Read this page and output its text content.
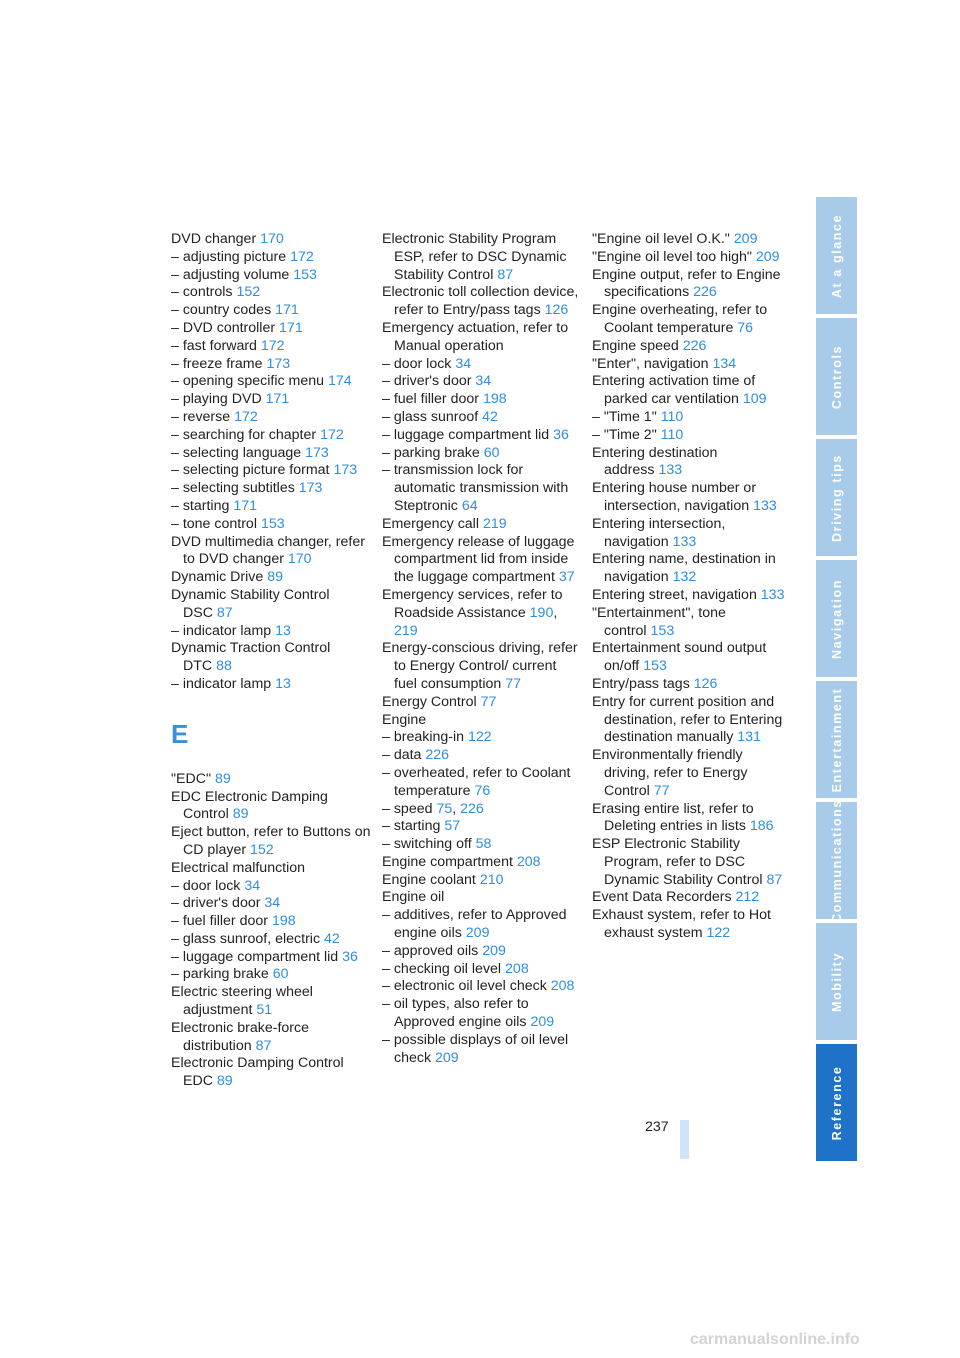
DVD changer 170

– adjusting picture 172

– adjusting volume 153

– controls 152

– country codes 171

– DVD controller 171

– fast forward 172

– freeze frame 173

– opening specific menu 174

– playing DVD 171

– reverse 172

– searching for chapter 172

– selecting language 173

– selecting picture format 173

– selecting subtitles 173

– starting 171

– tone control 153

DVD multimedia changer, refer to DVD changer 170

Dynamic Drive 89

Dynamic Stability Control DSC 87

– indicator lamp 13

Dynamic Traction Control DTC 88

– indicator lamp 13

E

"EDC" 89

EDC Electronic Damping Control 89

Eject button, refer to Buttons on CD player 152

Electrical malfunction

– door lock 34

– driver's door 34

– fuel filler door 198

– glass sunroof, electric 42

– luggage compartment lid 36

– parking brake 60

Electric steering wheel adjustment 51

Electronic brake-force distribution 87

Electronic Damping Control EDC 89

Electronic Stability Program ESP, refer to DSC Dynamic Stability Control 87

Electronic toll collection device, refer to Entry/pass tags 126

Emergency actuation, refer to Manual operation

– door lock 34

– driver's door 34

– fuel filler door 198

– glass sunroof 42

– luggage compartment lid 36

– parking brake 60

– transmission lock for automatic transmission with Steptronic 64

Emergency call 219

Emergency release of luggage compartment lid from inside the luggage compartment 37

Emergency services, refer to Roadside Assistance 190, 219

Energy-conscious driving, refer to Energy Control/ current fuel consumption 77

Energy Control 77

Engine

– breaking-in 122

– data 226

– overheated, refer to Coolant temperature 76

– speed 75, 226

– starting 57

– switching off 58

Engine compartment 208

Engine coolant 210

Engine oil

– additives, refer to Approved engine oils 209

– approved oils 209

– checking oil level 208

– electronic oil level check 208

– oil types, also refer to Approved engine oils 209

– possible displays of oil level check 209

"Engine oil level O.K." 209

"Engine oil level too high" 209

Engine output, refer to Engine specifications 226

Engine overheating, refer to Coolant temperature 76

Engine speed 226

"Enter", navigation 134

Entering activation time of parked car ventilation 109

– "Time 1" 110

– "Time 2" 110

Entering destination address 133

Entering house number or intersection, navigation 133

Entering intersection, navigation 133

Entering name, destination in navigation 132

Entering street, navigation 133

"Entertainment", tone control 153

Entertainment sound output on/off 153

Entry/pass tags 126

Entry for current position and destination, refer to Entering destination manually 131

Environmentally friendly driving, refer to Energy Control 77

Erasing entire list, refer to Deleting entries in lists 186

ESP Electronic Stability Program, refer to DSC Dynamic Stability Control 87

Event Data Recorders 212

Exhaust system, refer to Hot exhaust system 122

237
At a glance
Controls
Driving tips
Navigation
Entertainment
Communications
Mobility
Reference
carmanualsonline.info
